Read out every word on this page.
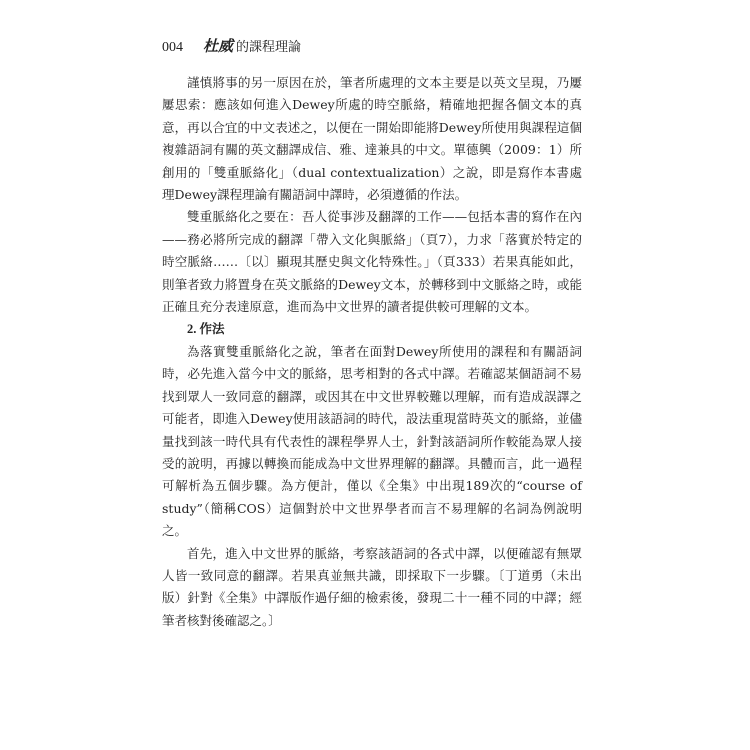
004 杜威 的課程理論

謹慎將事的另一原因在於，筆者所處理的文本主要是以英文呈現，乃屢屢思索：應該如何進入Dewey所處的時空脈絡，精確地把握各個文本的真意，再以合宜的中文表述之，以便在一開始即能將Dewey所使用與課程這個複雜語詞有關的英文翻譯成信、雅、達兼具的中文。單德興（2009：1）所創用的「雙重脈絡化」（dual contextualization）之說，即是寫作本書處理Dewey課程理論有關語詞中譯時，必須遵循的作法。

雙重脈絡化之要在：吾人從事涉及翻譯的工作——包括本書的寫作在內——務必將所完成的翻譯「帶入文化與脈絡」（頁7），力求「落實於特定的時空脈絡……〔以〕顯現其歷史與文化特殊性。」（頁333）若果真能如此，則筆者致力將置身在英文脈絡的Dewey文本，於轉移到中文脈絡之時，或能正確且充分表達原意，進而為中文世界的讀者提供較可理解的文本。

2. 作法

為落實雙重脈絡化之說，筆者在面對Dewey所使用的課程和有關語詞時，必先進入當今中文的脈絡，思考相對的各式中譯。若確認某個語詞不易找到眾人一致同意的翻譯，或因其在中文世界較難以理解，而有造成誤譯之可能者，即進入Dewey使用該語詞的時代，設法重現當時英文的脈絡，並儘量找到該一時代具有代表性的課程學界人士，針對該語詞所作較能為眾人接受的說明，再據以轉換而能成為中文世界理解的翻譯。具體而言，此一過程可解析為五個步驟。為方便計，僅以《全集》中出現189次的“course of study”（簡稱COS）這個對於中文世界學者而言不易理解的名詞為例說明之。

首先，進入中文世界的脈絡，考察該語詞的各式中譯，以便確認有無眾人皆一致同意的翻譯。若果真並無共識，即採取下一步驟。〔丁道勇（未出版）針對《全集》中譯版作過仔細的檢索後，發現二十一種不同的中譯；經筆者核對後確認之。〕
